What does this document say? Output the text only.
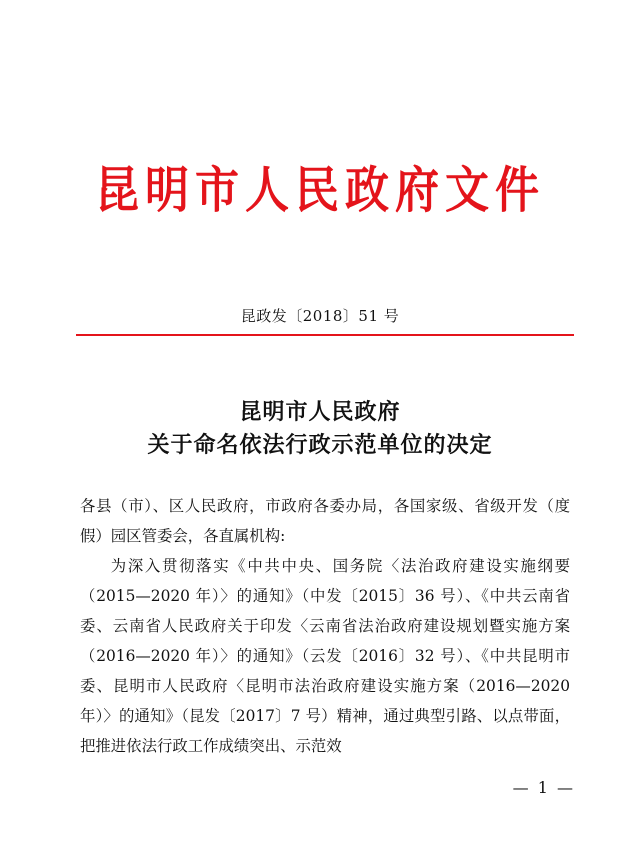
昆明市人民政府文件
昆政发〔2018〕51 号
昆明市人民政府
关于命名依法行政示范单位的决定

各县（市）、区人民政府，市政府各委办局，各国家级、省级开发（度假）园区管委会，各直属机构:

为深入贯彻落实《中共中央、国务院〈法治政府建设实施纲要（2015—2020 年）〉的通知》（中发〔2015〕36 号）、《中共云南省委、云南省人民政府关于印发〈云南省法治政府建设规划暨实施方案（2016—2020 年）〉的通知》（云发〔2016〕32 号）、《中共昆明市委、昆明市人民政府〈昆明市法治政府建设实施方案（2016—2020 年）〉的通知》（昆发〔2017〕7 号）精神，通过典型引路、以点带面，把推进依法行政工作成绩突出、示范效

— 1 —
